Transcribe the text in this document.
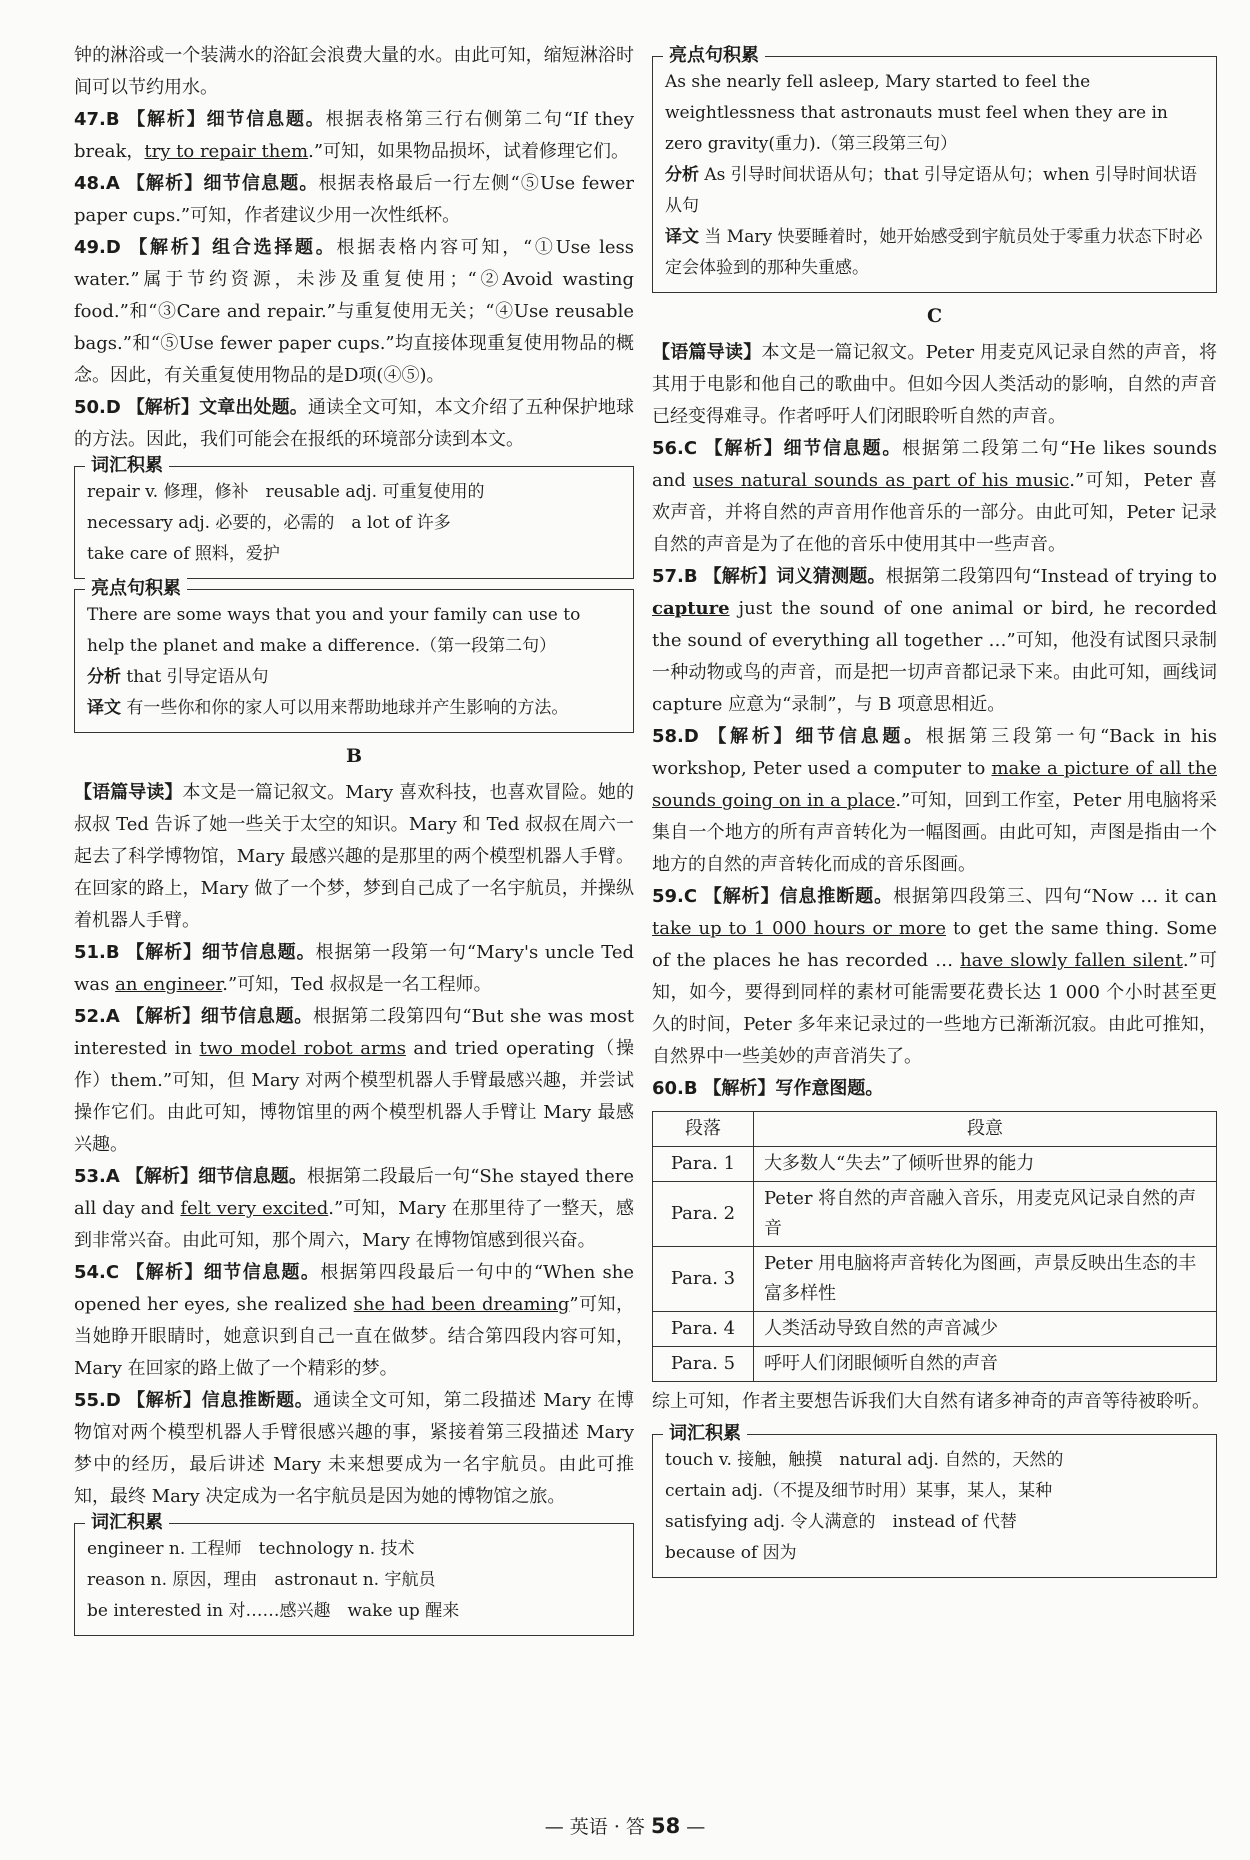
钟的淋浴或一个装满水的浴缸会浪费大量的水。由此可知，缩短淋浴时间可以节约用水。

47.B 【解析】细节信息题。根据表格第三行右侧第二句“If they break，try to repair them.”可知，如果物品损坏，试着修理它们。

48.A 【解析】细节信息题。根据表格最后一行左侧“⑤Use fewer paper cups.”可知，作者建议少用一次性纸杯。

49.D 【解析】组合选择题。根据表格内容可知，“①Use less water.”属于节约资源，未涉及重复使用；“②Avoid wasting food.”和“③Care and repair.”与重复使用无关；“④Use reusable bags.”和“⑤Use fewer paper cups.”均直接体现重复使用物品的概念。因此，有关重复使用物品的是D项(④⑤)。

50.D 【解析】文章出处题。通读全文可知，本文介绍了五种保护地球的方法。因此，我们可能会在报纸的环境部分读到本文。

词汇积累

repair v. 修理，修补　reusable adj. 可重复使用的

necessary adj. 必要的，必需的　a lot of 许多

take care of 照料，爱护

亮点句积累

There are some ways that you and your family can use to help the planet and make a difference.（第一段第二句）

分析 that 引导定语从句

译文 有一些你和你的家人可以用来帮助地球并产生影响的方法。

B

【语篇导读】本文是一篇记叙文。Mary 喜欢科技，也喜欢冒险。她的叔叔 Ted 告诉了她一些关于太空的知识。Mary 和 Ted 叔叔在周六一起去了科学博物馆，Mary 最感兴趣的是那里的两个模型机器人手臂。在回家的路上，Mary 做了一个梦，梦到自己成了一名宇航员，并操纵着机器人手臂。

51.B 【解析】细节信息题。根据第一段第一句“Mary's uncle Ted was an engineer.”可知，Ted 叔叔是一名工程师。

52.A 【解析】细节信息题。根据第二段第四句“But she was most interested in two model robot arms and tried operating（操作）them.”可知，但 Mary 对两个模型机器人手臂最感兴趣，并尝试操作它们。由此可知，博物馆里的两个模型机器人手臂让 Mary 最感兴趣。

53.A 【解析】细节信息题。根据第二段最后一句“She stayed there all day and felt very excited.”可知，Mary 在那里待了一整天，感到非常兴奋。由此可知，那个周六，Mary 在博物馆感到很兴奋。

54.C 【解析】细节信息题。根据第四段最后一句中的“When she opened her eyes, she realized she had been dreaming”可知，当她睁开眼睛时，她意识到自己一直在做梦。结合第四段内容可知，Mary 在回家的路上做了一个精彩的梦。

55.D 【解析】信息推断题。通读全文可知，第二段描述 Mary 在博物馆对两个模型机器人手臂很感兴趣的事，紧接着第三段描述 Mary 梦中的经历，最后讲述 Mary 未来想要成为一名宇航员。由此可推知，最终 Mary 决定成为一名宇航员是因为她的博物馆之旅。

词汇积累

engineer n. 工程师　technology n. 技术

reason n. 原因，理由　astronaut n. 宇航员

be interested in 对……感兴趣　wake up 醒来

亮点句积累

As she nearly fell asleep, Mary started to feel the weightlessness that astronauts must feel when they are in zero gravity(重力).（第三段第三句）

分析 As 引导时间状语从句；that 引导定语从句；when 引导时间状语从句

译文 当 Mary 快要睡着时，她开始感受到宇航员处于零重力状态下时必定会体验到的那种失重感。

C

【语篇导读】本文是一篇记叙文。Peter 用麦克风记录自然的声音，将其用于电影和他自己的歌曲中。但如今因人类活动的影响，自然的声音已经变得难寻。作者呼吁人们闭眼聆听自然的声音。

56.C 【解析】细节信息题。根据第二段第二句“He likes sounds and uses natural sounds as part of his music.”可知，Peter 喜欢声音，并将自然的声音用作他音乐的一部分。由此可知，Peter 记录自然的声音是为了在他的音乐中使用其中一些声音。

57.B 【解析】词义猜测题。根据第二段第四句“Instead of trying to capture just the sound of one animal or bird, he recorded the sound of everything all together …”可知，他没有试图只录制一种动物或鸟的声音，而是把一切声音都记录下来。由此可知，画线词 capture 应意为“录制”，与 B 项意思相近。

58.D 【解析】细节信息题。根据第三段第一句“Back in his workshop, Peter used a computer to make a picture of all the sounds going on in a place.”可知，回到工作室，Peter 用电脑将采集自一个地方的所有声音转化为一幅图画。由此可知，声图是指由一个地方的自然的声音转化而成的音乐图画。

59.C 【解析】信息推断题。根据第四段第三、四句“Now … it can take up to 1 000 hours or more to get the same thing. Some of the places he has recorded … have slowly fallen silent.”可知，如今，要得到同样的素材可能需要花费长达 1 000 个小时甚至更久的时间，Peter 多年来记录过的一些地方已渐渐沉寂。由此可推知，自然界中一些美妙的声音消失了。

60.B 【解析】写作意图题。

段落	段意
Para. 1	大多数人“失去”了倾听世界的能力
Para. 2	Peter 将自然的声音融入音乐，用麦克风记录自然的声音
Para. 3	Peter 用电脑将声音转化为图画，声景反映出生态的丰富多样性
Para. 4	人类活动导致自然的声音减少
Para. 5	呼吁人们闭眼倾听自然的声音

综上可知，作者主要想告诉我们大自然有诸多神奇的声音等待被聆听。

词汇积累

touch v. 接触，触摸　natural adj. 自然的，天然的

certain adj.（不提及细节时用）某事，某人，某种

satisfying adj. 令人满意的　instead of 代替

because of 因为

— 英语 · 答 58 —
